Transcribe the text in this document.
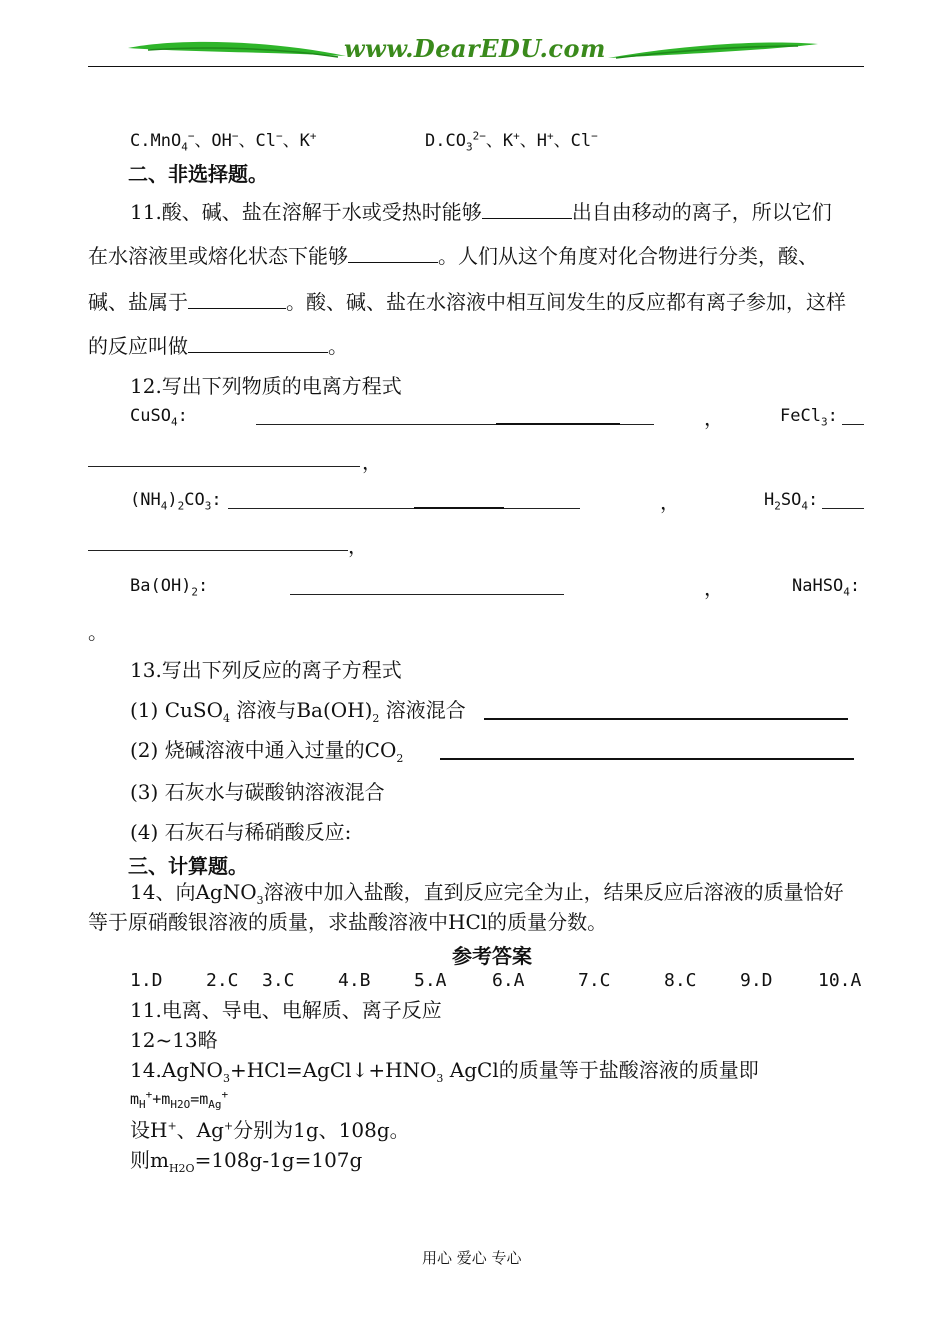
www.DearEDU.com
C.MnO$_4$−、OH−、Cl−、K+	$D.CO_3^{2-}$、K+、H+、Cl−
二、非选择题。
11.酸、碱、盐在溶解于水或受热时能够	出自由移动的离子，所以它们
在水溶液里或熔化状态下能够	。人们从这个角度对化合物进行分类，酸、
碱、盐属于	。酸、碱、盐在水溶液中相互间发生的反应都有离子参加，这样
的反应叫做	。
12.写出下列物质的电离方程式
CuSO$_4$:	，	FeCl$_3$:
，
$(NH_4)_2CO_3$:	，	$H_2SO_4$:
，
$Ba(OH)_2$:	，	NaHSO$_4$:
。
13.写出下列反应的离子方程式
(1) CuSO$_4$ 溶液与$Ba(OH)_2$ 溶液混合
(2) 烧碱溶液中通入过量的$CO_2$
(3) 石灰水与碳酸钠溶液混合
(4) 石灰石与稀硝酸反应:
三、计算题。
14、向AgNO$_3$溶液中加入盐酸，直到反应完全为止，结果反应后溶液的质量恰好
等于原硝酸银溶液的质量，求盐酸溶液中HCl的质量分数。
参考答案
1.D 2.C 3.C 4.B 5.A	6.A	7.C	8.C 9.D	10.A
11.电离、导电、电解质、离子反应
12~13略
$14.AgNO_3+HCl=AgCl↓+HNO_3$ AgCl的质量等于盐酸溶液的质量即
$m_H^++m_{H2O}=m_{Ag}^+$
设H+、Ag+分别为1g、108g。
则$m_{H2O}=108g-1g=107g$
用心 爱心 专心
